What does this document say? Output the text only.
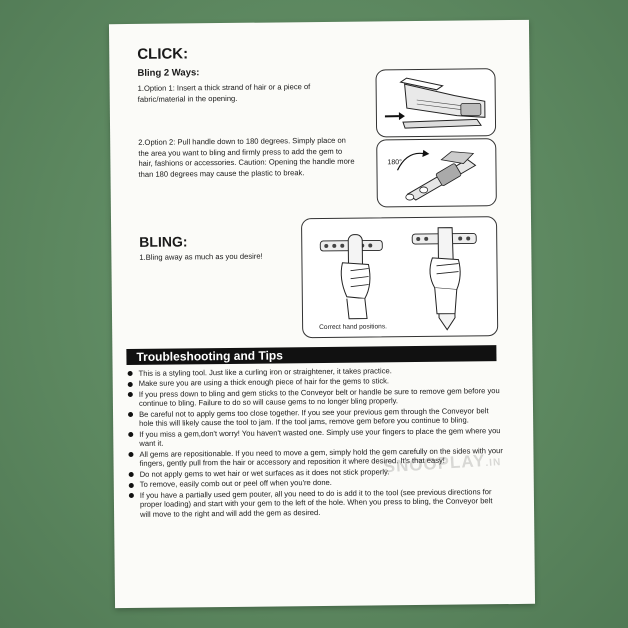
CLICK:
Bling 2 Ways:
1.Option 1: Insert a thick strand of hair or a piece of fabric/material in the opening.
2.Option 2: Pull handle down to 180 degrees. Simply place on the area you want to bling and firmly press to add the gem to hair, fashions or accessories. Caution: Opening the handle more than 180 degrees may cause the plastic to break.
180°
BLING:
1.Bling away as much as you desire!
Correct hand positions.
Troubleshooting and Tips
This is a styling tool. Just like a curling iron or straightener, it takes practice.
Make sure you are using a thick enough piece of hair for the gems to stick.
If you press down to bling and gem sticks to the Conveyor belt or handle be sure to remove gem before you continue to bling. Failure to do so will cause gems to no longer bling properly.
Be careful not to apply gems too close together. If you see your previous gem through the Conveyor belt hole this will likely cause the tool to jam. If the tool jams, remove gem before you continue to bling.
If you miss a gem,don't worry! You haven't wasted one. Simply use your fingers to place the gem where you want it.
All gems are repositionable. If you need to move a gem, simply hold the gem carefully on the sides with your fingers, gently pull from the hair or accessory and reposition it where desired. It's that easy!
Do not apply gems to wet hair or wet surfaces as it does not stick properly.
To remove, easily comb out or peel off when you're done.
If you have a partially used gem pouter, all you need to do is add it to the tool (see previous directions for proper loading) and start with your gem to the left of the hole. When you press to bling, the Conveyor belt will move to the right and will add the gem as desired.
SNOOPLAY.IN
